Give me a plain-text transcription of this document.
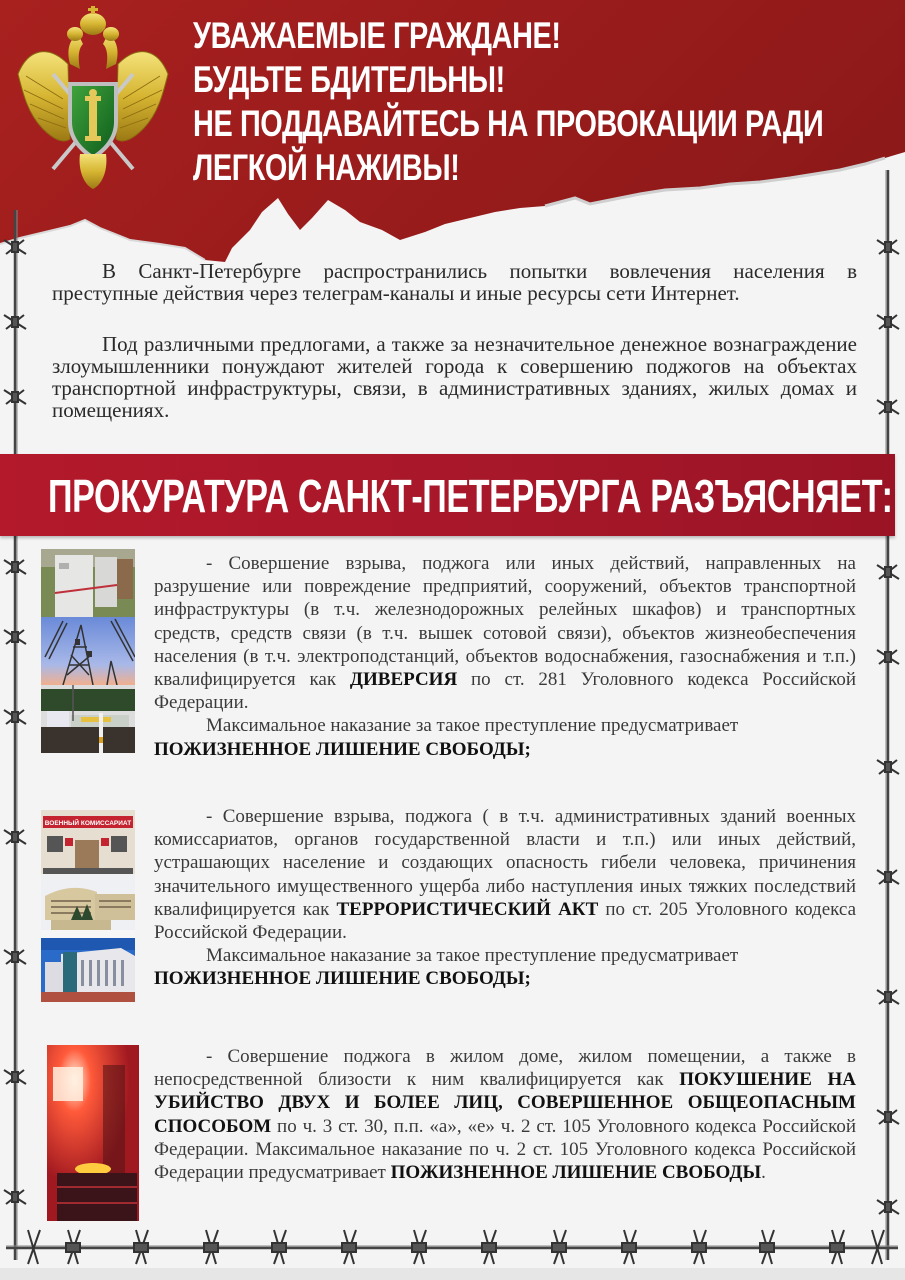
УВАЖАЕМЫЕ ГРАЖДАНЕ!
БУДЬТЕ БДИТЕЛЬНЫ!
НЕ ПОДДАВАЙТЕСЬ НА ПРОВОКАЦИИ РАДИ
ЛЕГКОЙ НАЖИВЫ!

В Санкт-Петербурге распространились попытки вовлечения населения в преступные действия через телеграм-каналы и иные ресурсы сети Интернет.

Под различными предлогами, а также за незначительное денежное вознаграждение злоумышленники понуждают жителей города к совершению поджогов на объектах транспортной инфраструктуры, связи, в административных зданиях, жилых домах и помещениях.

ПРОКУРАТУРА САНКТ-ПЕТЕРБУРГА РАЗЪЯСНЯЕТ:

- Совершение взрыва, поджога или иных действий, направленных на разрушение или повреждение предприятий, сооружений, объектов транспортной инфраструктуры (в т.ч. железнодорожных релейных шкафов) и транспортных средств, средств связи (в т.ч. вышек сотовой связи), объектов жизнеобеспечения населения (в т.ч. электроподстанций, объектов водоснабжения, газоснабжения и т.п.) квалифицируется как ДИВЕРСИЯ по ст. 281 Уголовного кодекса Российской Федерации.

Максимальное наказание за такое преступление предусматривает

ПОЖИЗНЕННОЕ ЛИШЕНИЕ СВОБОДЫ;

ВОЕННЫЙ КОМИССАРИАТ	- Совершение взрыва, поджога ( в т.ч. административных зданий военных комиссариатов, органов государственной власти и т.п.) или иных действий, устрашающих население и создающих опасность гибели человека, причинения значительного имущественного ущерба либо наступления иных тяжких последствий квалифицируется как ТЕРРОРИСТИЧЕСКИЙ АКТ по ст. 205 Уголовного кодекса Российской Федерации.

Максимальное наказание за такое преступление предусматривает

ПОЖИЗНЕННОЕ ЛИШЕНИЕ СВОБОДЫ;

- Совершение поджога в жилом доме, жилом помещении, а также в непосредственной близости к ним квалифицируется как ПОКУШЕНИЕ НА УБИЙСТВО ДВУХ И БОЛЕЕ ЛИЦ, СОВЕРШЕННОЕ ОБЩЕОПАСНЫМ СПОСОБОМ по ч. 3 ст. 30, п.п. «а», «е» ч. 2 ст. 105 Уголовного кодекса Российской Федерации. Максимальное наказание по ч. 2 ст. 105 Уголовного кодекса Российской Федерации предусматривает ПОЖИЗНЕННОЕ ЛИШЕНИЕ СВОБОДЫ.
